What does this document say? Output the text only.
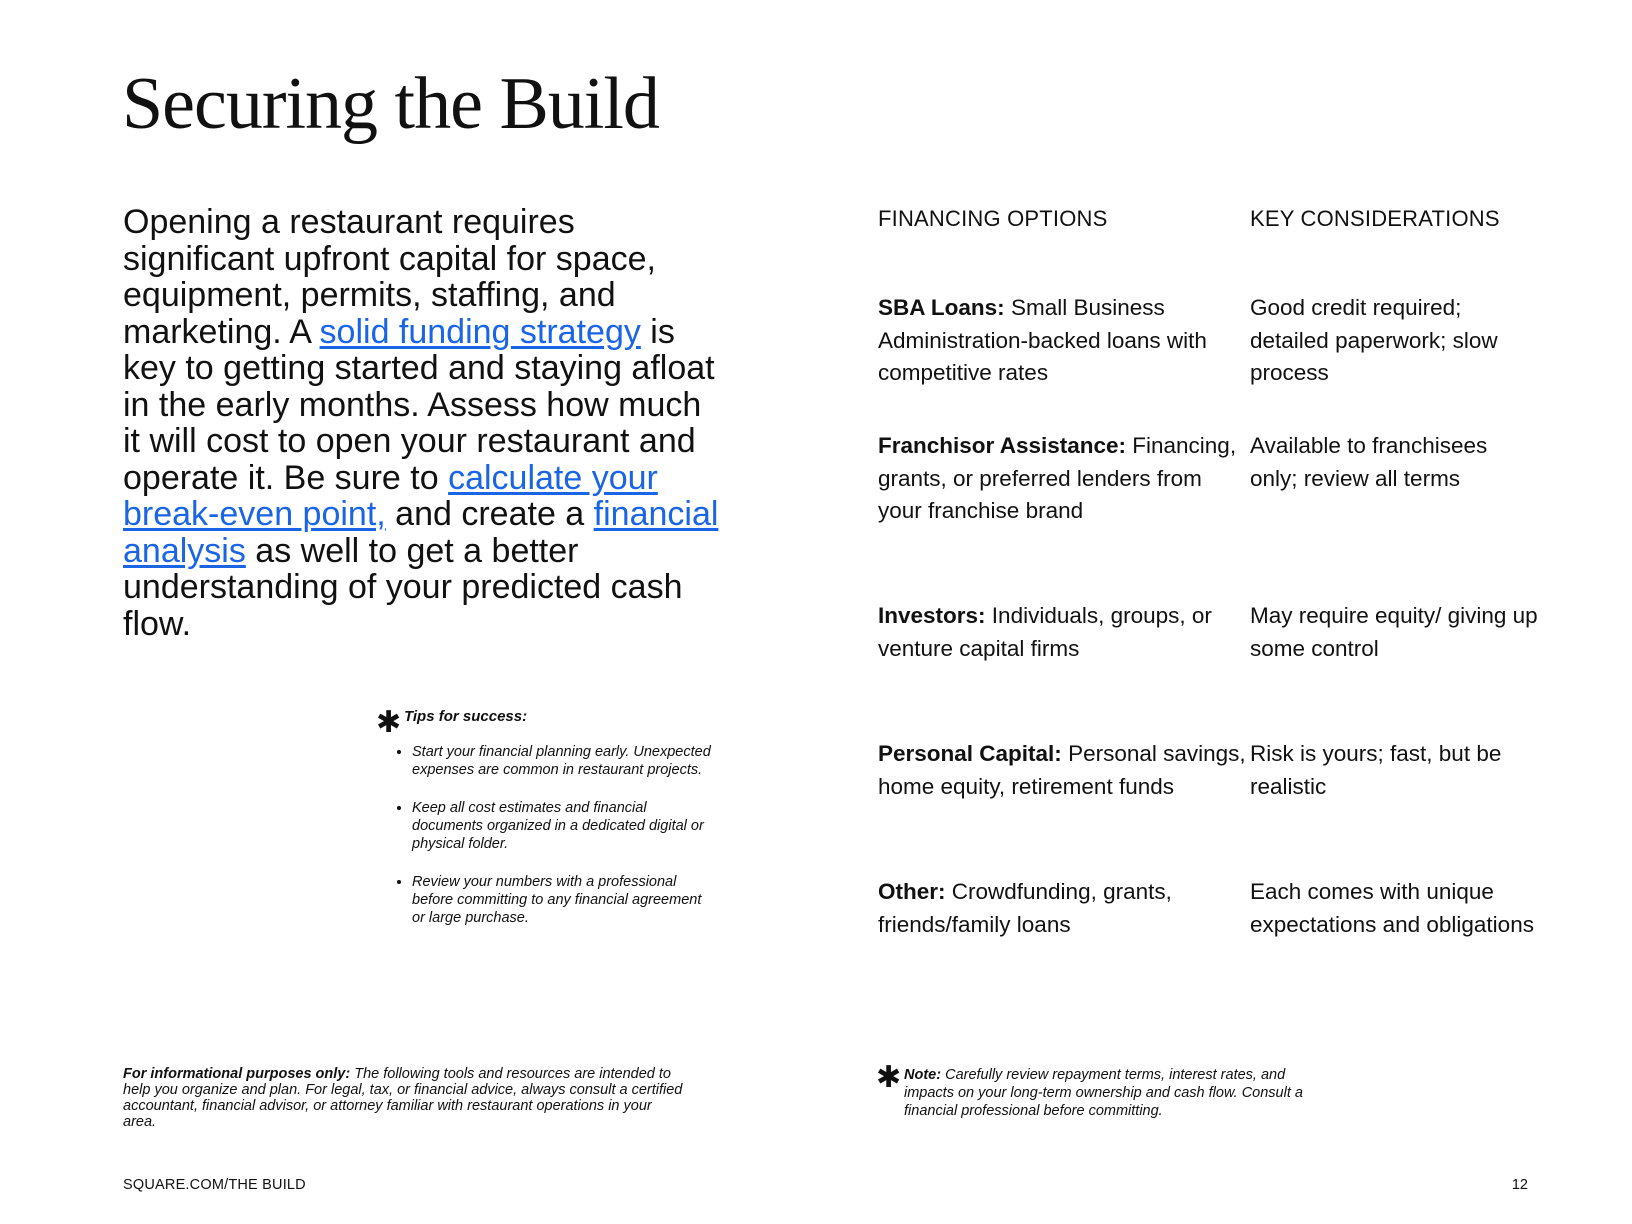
Securing the Build

Opening a restaurant requires significant upfront capital for space, equipment, permits, staffing, and marketing. A solid funding strategy is key to getting started and staying afloat in the early months. Assess how much it will cost to open your restaurant and operate it. Be sure to calculate your break-even point, and create a financial analysis as well to get a better understanding of your predicted cash flow.

✱ Tips for success:
• Start your financial planning early. Unexpected expenses are common in restaurant projects.
• Keep all cost estimates and financial documents organized in a dedicated digital or physical folder.
• Review your numbers with a professional before committing to any financial agreement or large purchase.

For informational purposes only: The following tools and resources are intended to help you organize and plan. For legal, tax, or financial advice, always consult a certified accountant, financial advisor, or attorney familiar with restaurant operations in your area.

FINANCING OPTIONS	KEY CONSIDERATIONS
SBA Loans: Small Business Administration-backed loans with competitive rates
Good credit required; detailed paperwork; slow process
Franchisor Assistance: Financing, grants, or preferred lenders from your franchise brand
Available to franchisees only; review all terms
Investors: Individuals, groups, or venture capital firms
May require equity/ giving up some control
Personal Capital: Personal savings, home equity, retirement funds
Risk is yours; fast, but be realistic
Other: Crowdfunding, grants, friends/family loans
Each comes with unique expectations and obligations
✱ Note: Carefully review repayment terms, interest rates, and impacts on your long-term ownership and cash flow. Consult a financial professional before committing.
SQUARE.COM/THE BUILD	12
